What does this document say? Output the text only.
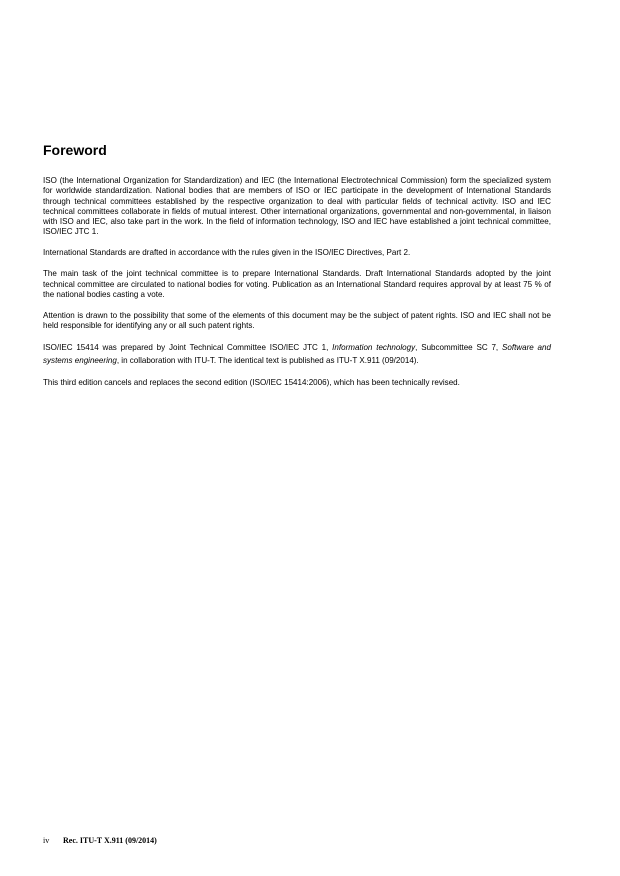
Foreword

ISO (the International Organization for Standardization) and IEC (the International Electrotechnical Commission) form the specialized system for worldwide standardization. National bodies that are members of ISO or IEC participate in the development of International Standards through technical committees established by the respective organization to deal with particular fields of technical activity. ISO and IEC technical committees collaborate in fields of mutual interest. Other international organizations, governmental and non-governmental, in liaison with ISO and IEC, also take part in the work. In the field of information technology, ISO and IEC have established a joint technical committee, ISO/IEC JTC 1.

International Standards are drafted in accordance with the rules given in the ISO/IEC Directives, Part 2.

The main task of the joint technical committee is to prepare International Standards. Draft International Standards adopted by the joint technical committee are circulated to national bodies for voting. Publication as an International Standard requires approval by at least 75 % of the national bodies casting a vote.

Attention is drawn to the possibility that some of the elements of this document may be the subject of patent rights. ISO and IEC shall not be held responsible for identifying any or all such patent rights.

ISO/IEC 15414 was prepared by Joint Technical Committee ISO/IEC JTC 1, Information technology, Subcommittee SC 7, Software and systems engineering, in collaboration with ITU-T. The identical text is published as ITU-T X.911 (09/2014).

This third edition cancels and replaces the second edition (ISO/IEC 15414:2006), which has been technically revised.

iv Rec. ITU-T X.911 (09/2014)
